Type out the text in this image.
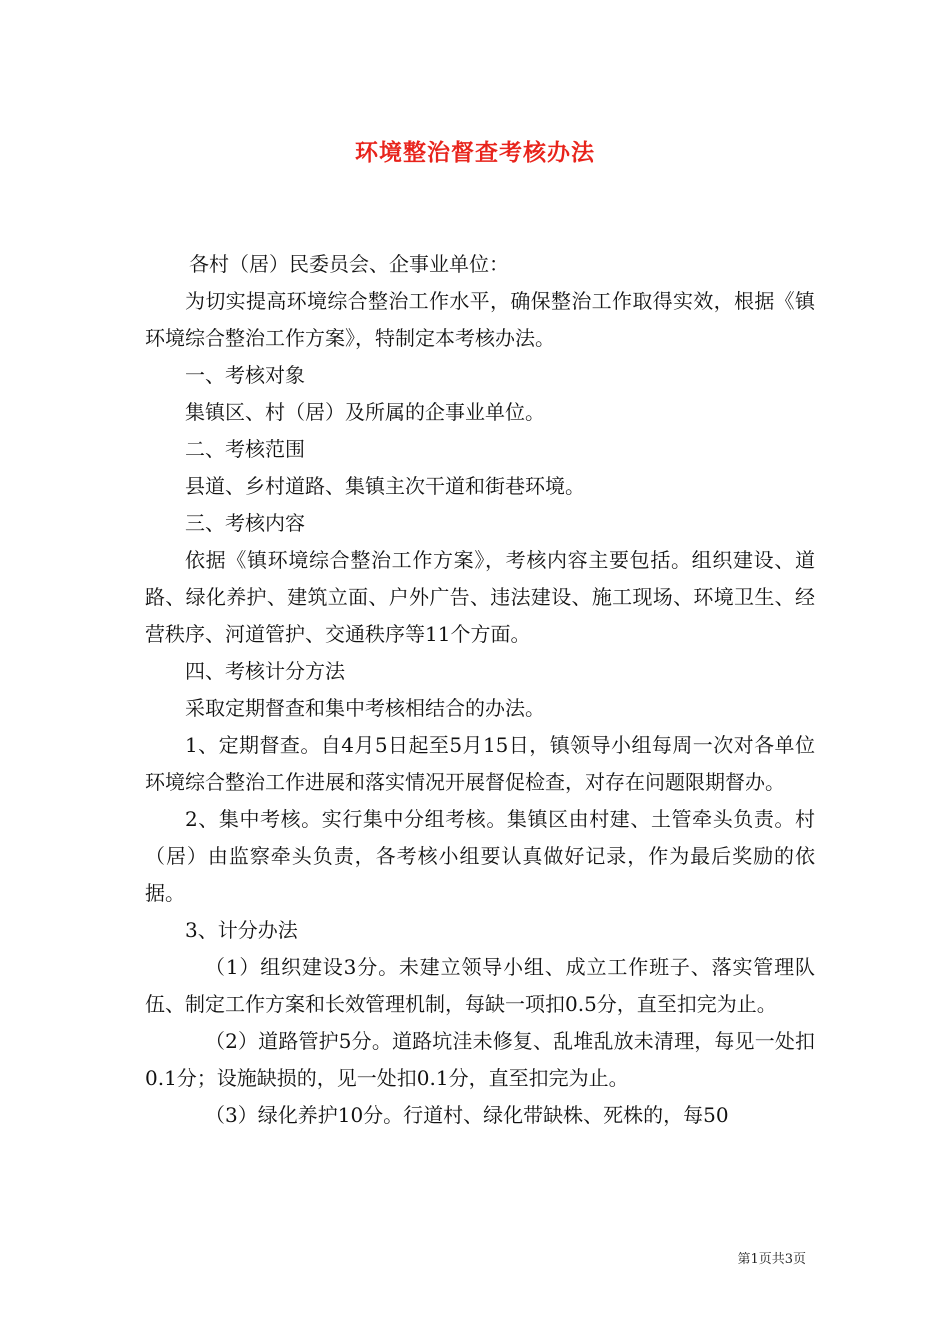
环境整治督查考核办法

各村（居）民委员会、企事业单位：

为切实提高环境综合整治工作水平，确保整治工作取得实效，根据《镇环境综合整治工作方案》，特制定本考核办法。

一、考核对象

集镇区、村（居）及所属的企事业单位。

二、考核范围

县道、乡村道路、集镇主次干道和街巷环境。

三、考核内容

依据《镇环境综合整治工作方案》，考核内容主要包括。组织建设、道路、绿化养护、建筑立面、户外广告、违法建设、施工现场、环境卫生、经营秩序、河道管护、交通秩序等11个方面。

四、考核计分方法

采取定期督查和集中考核相结合的办法。

1、定期督查。自4月5日起至5月15日，镇领导小组每周一次对各单位环境综合整治工作进展和落实情况开展督促检查，对存在问题限期督办。

2、集中考核。实行集中分组考核。集镇区由村建、土管牵头负责。村（居）由监察牵头负责，各考核小组要认真做好记录，作为最后奖励的依据。

3、计分办法

（1）组织建设3分。未建立领导小组、成立工作班子、落实管理队伍、制定工作方案和长效管理机制，每缺一项扣0.5分，直至扣完为止。

（2）道路管护5分。道路坑洼未修复、乱堆乱放未清理，每见一处扣0.1分；设施缺损的，见一处扣0.1分，直至扣完为止。

（3）绿化养护10分。行道村、绿化带缺株、死株的，每50

第1页共3页
